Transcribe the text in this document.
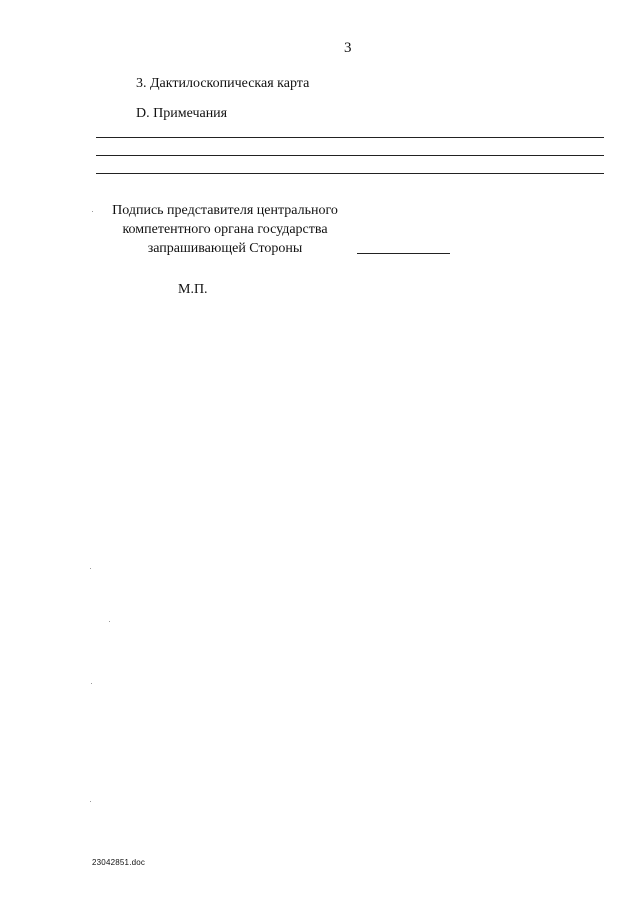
3
3. Дактилоскопическая карта
D. Примечания
Подпись представителя центрального
компетентного органа государства
запрашивающей Стороны
М.П.
23042851.doc
